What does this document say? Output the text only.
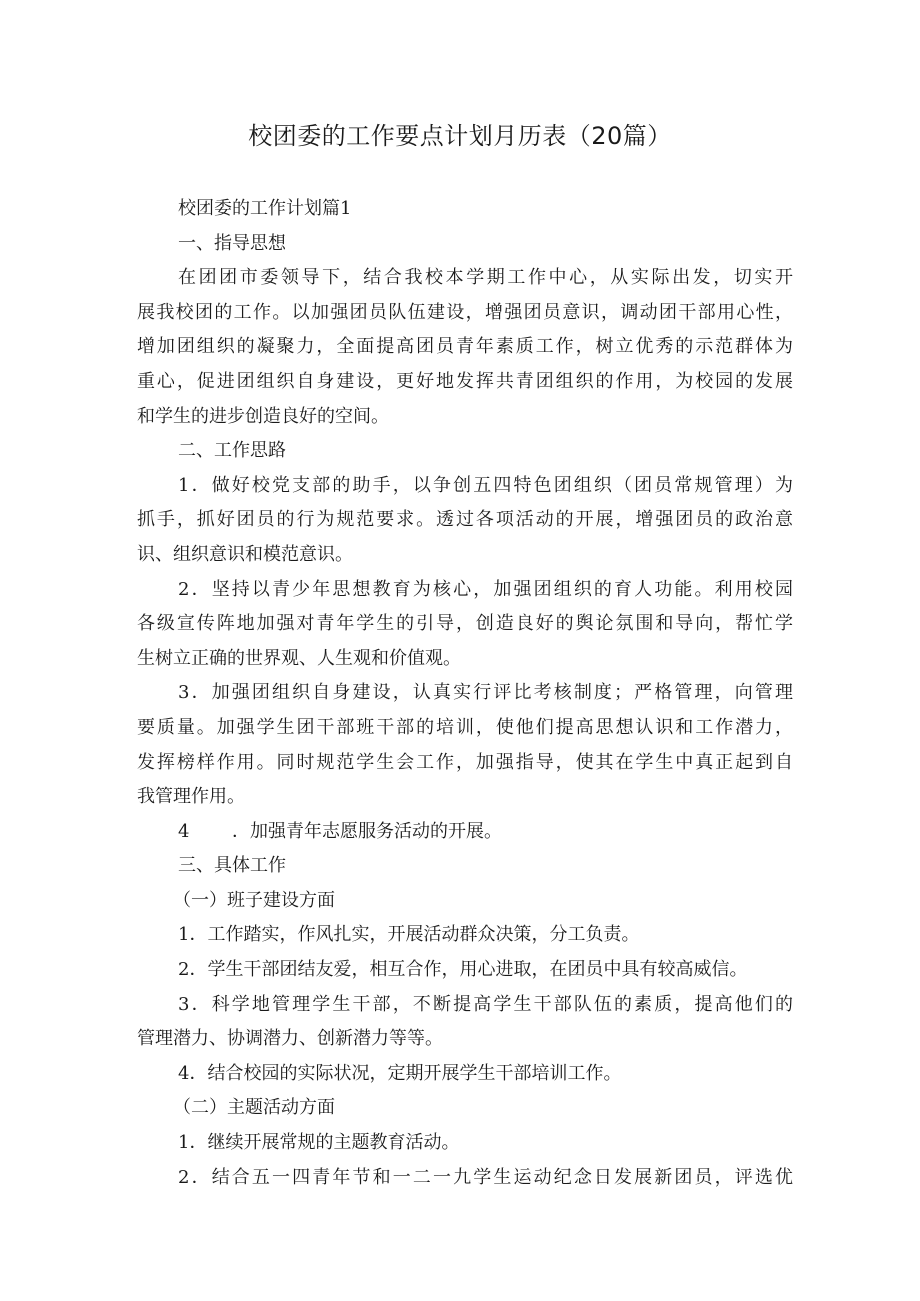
校团委的工作要点计划月历表（20篇）
校团委的工作计划篇1
一、指导思想
在团团市委领导下，结合我校本学期工作中心，从实际出发，切实开
展我校团的工作。以加强团员队伍建设，增强团员意识，调动团干部用心性，
增加团组织的凝聚力，全面提高团员青年素质工作，树立优秀的示范群体为
重心，促进团组织自身建设，更好地发挥共青团组织的作用，为校园的发展
和学生的进步创造良好的空间。
二、工作思路
1．做好校党支部的助手，以争创五四特色团组织（团员常规管理）为
抓手，抓好团员的行为规范要求。透过各项活动的开展，增强团员的政治意
识、组织意识和模范意识。
2．坚持以青少年思想教育为核心，加强团组织的育人功能。利用校园
各级宣传阵地加强对青年学生的引导，创造良好的舆论氛围和导向，帮忙学
生树立正确的世界观、人生观和价值观。
3．加强团组织自身建设，认真实行评比考核制度；严格管理，向管理
要质量。加强学生团干部班干部的培训，使他们提高思想认识和工作潜力，
发挥榜样作用。同时规范学生会工作，加强指导，使其在学生中真正起到自
我管理作用。
4 ．加强青年志愿服务活动的开展。
三、具体工作
（一）班子建设方面
1．工作踏实，作风扎实，开展活动群众决策，分工负责。
2．学生干部团结友爱，相互合作，用心进取，在团员中具有较高威信。
3．科学地管理学生干部，不断提高学生干部队伍的素质，提高他们的
管理潜力、协调潜力、创新潜力等等。
4．结合校园的实际状况，定期开展学生干部培训工作。
（二）主题活动方面
1．继续开展常规的主题教育活动。
2．结合五一四青年节和一二一九学生运动纪念日发展新团员，评选优
